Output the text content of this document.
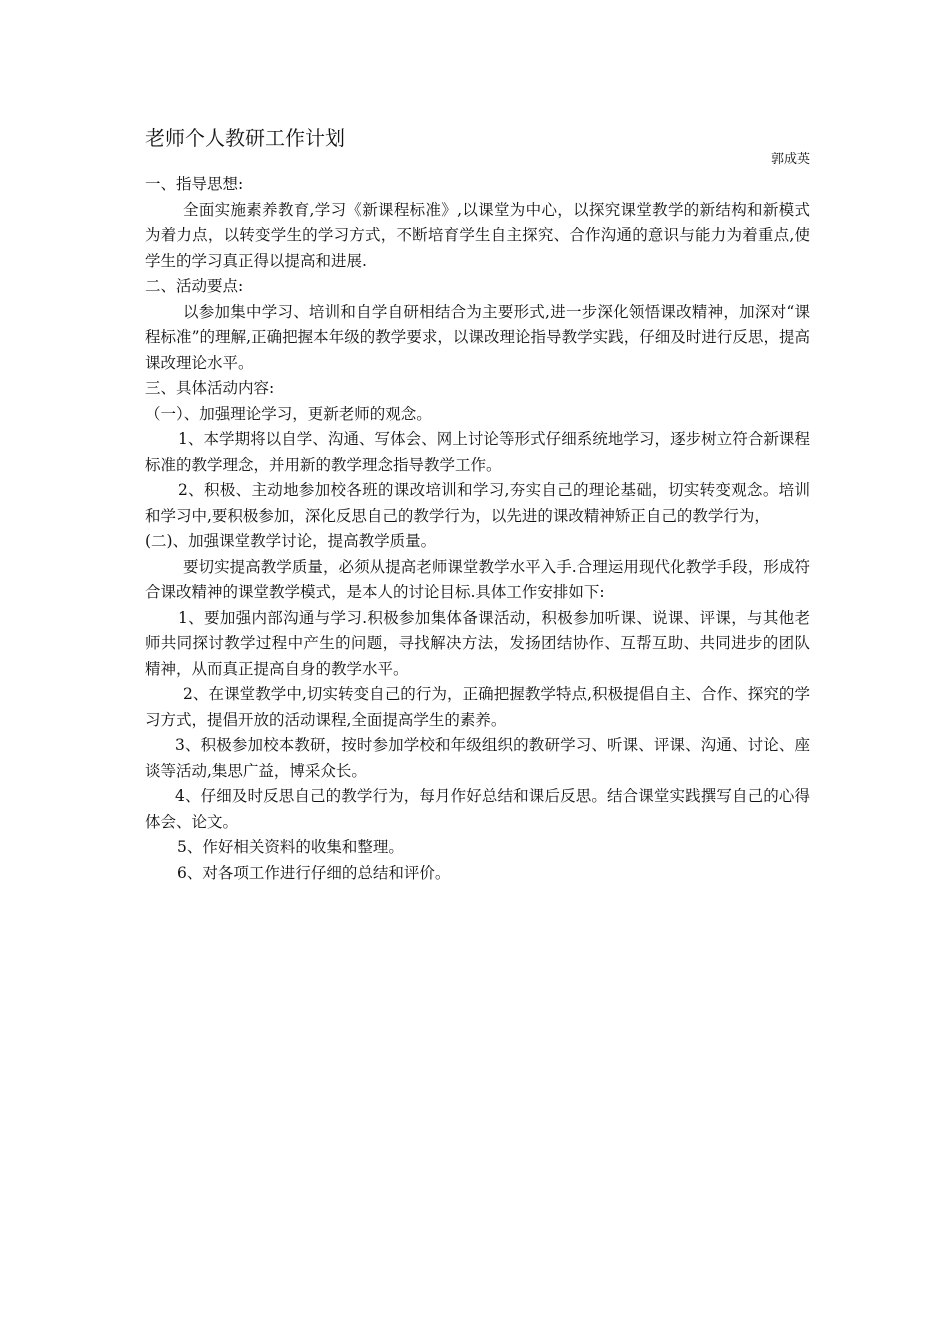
老师个人教研工作计划
郭成英
一、指导思想:
全面实施素养教育,学习《新课程标准》,以课堂为中心，以探究课堂教学的新结构和新模式为着力点，以转变学生的学习方式，不断培育学生自主探究、合作沟通的意识与能力为着重点,使学生的学习真正得以提高和进展.
二、活动要点:
以参加集中学习、培训和自学自研相结合为主要形式,进一步深化领悟课改精神，加深对“课程标准”的理解,正确把握本年级的教学要求，以课改理论指导教学实践，仔细及时进行反思，提高课改理论水平。
三、具体活动内容:
（一）、加强理论学习，更新老师的观念。
1、本学期将以自学、沟通、写体会、网上讨论等形式仔细系统地学习，逐步树立符合新课程标准的教学理念，并用新的教学理念指导教学工作。
2、积极、主动地参加校各班的课改培训和学习,夯实自己的理论基础，切实转变观念。培训和学习中,要积极参加，深化反思自己的教学行为，以先进的课改精神矫正自己的教学行为，
(二)、加强课堂教学讨论，提高教学质量。
要切实提高教学质量，必须从提高老师课堂教学水平入手.合理运用现代化教学手段，形成符合课改精神的课堂教学模式，是本人的讨论目标.具体工作安排如下:
1、要加强内部沟通与学习.积极参加集体备课活动，积极参加听课、说课、评课，与其他老师共同探讨教学过程中产生的问题，寻找解决方法，发扬团结协作、互帮互助、共同进步的团队精神，从而真正提高自身的教学水平。
2、在课堂教学中,切实转变自己的行为，正确把握教学特点,积极提倡自主、合作、探究的学习方式，提倡开放的活动课程,全面提高学生的素养。
3、积极参加校本教研，按时参加学校和年级组织的教研学习、听课、评课、沟通、讨论、座谈等活动,集思广益，博采众长。
4、仔细及时反思自己的教学行为，每月作好总结和课后反思。结合课堂实践撰写自己的心得体会、论文。
5、作好相关资料的收集和整理。
6、对各项工作进行仔细的总结和评价。
